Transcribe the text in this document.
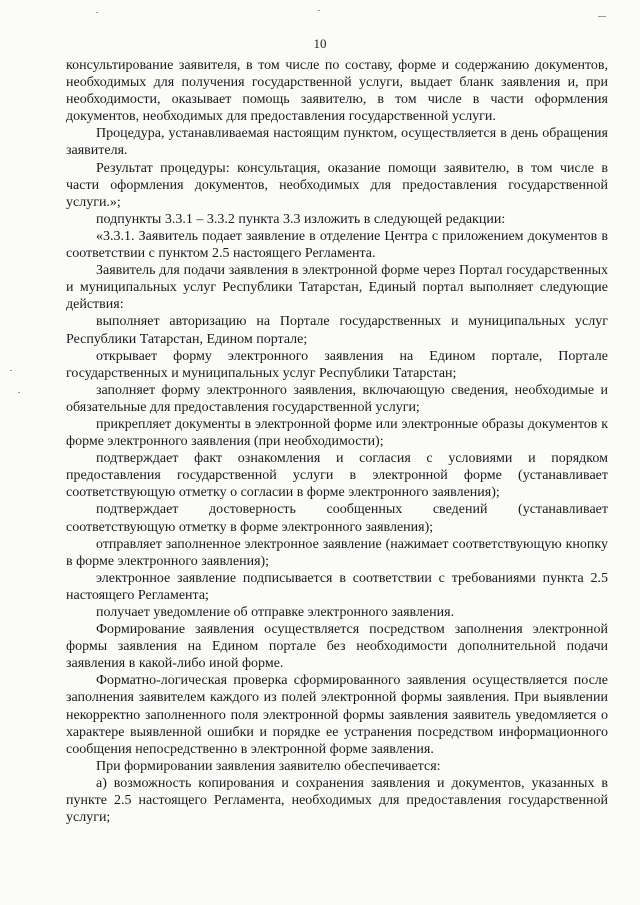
10

консультирование заявителя, в том числе по составу, форме и содержанию документов, необходимых для получения государственной услуги, выдает бланк заявления и, при необходимости, оказывает помощь заявителю, в том числе в части оформления документов, необходимых для предоставления государственной услуги.

Процедура, устанавливаемая настоящим пунктом, осуществляется в день обращения заявителя.

Результат процедуры: консультация, оказание помощи заявителю, в том числе в части оформления документов, необходимых для предоставления государственной услуги.»;

подпункты 3.3.1 – 3.3.2 пункта 3.3 изложить в следующей редакции:

«3.3.1. Заявитель подает заявление в отделение Центра с приложением документов в соответствии с пунктом 2.5 настоящего Регламента.

Заявитель для подачи заявления в электронной форме через Портал государственных и муниципальных услуг Республики Татарстан, Единый портал выполняет следующие действия:

выполняет авторизацию на Портале государственных и муниципальных услуг Республики Татарстан, Едином портале;

открывает форму электронного заявления на Едином портале, Портале государственных и муниципальных услуг Республики Татарстан;

заполняет форму электронного заявления, включающую сведения, необходимые и обязательные для предоставления государственной услуги;

прикрепляет документы в электронной форме или электронные образы документов к форме электронного заявления (при необходимости);

подтверждает факт ознакомления и согласия с условиями и порядком предоставления государственной услуги в электронной форме (устанавливает соответствующую отметку о согласии в форме электронного заявления);

подтверждает достоверность сообщенных сведений (устанавливает соответствующую отметку в форме электронного заявления);

отправляет заполненное электронное заявление (нажимает соответствующую кнопку в форме электронного заявления);

электронное заявление подписывается в соответствии с требованиями пункта 2.5 настоящего Регламента;

получает уведомление об отправке электронного заявления.

Формирование заявления осуществляется посредством заполнения электронной формы заявления на Едином портале без необходимости дополнительной подачи заявления в какой-либо иной форме.

Форматно-логическая проверка сформированного заявления осуществляется после заполнения заявителем каждого из полей электронной формы заявления. При выявлении некорректно заполненного поля электронной формы заявления заявитель уведомляется о характере выявленной ошибки и порядке ее устранения посредством информационного сообщения непосредственно в электронной форме заявления.

При формировании заявления заявителю обеспечивается:

а) возможность копирования и сохранения заявления и документов, указанных в пункте 2.5 настоящего Регламента, необходимых для предоставления государственной услуги;
